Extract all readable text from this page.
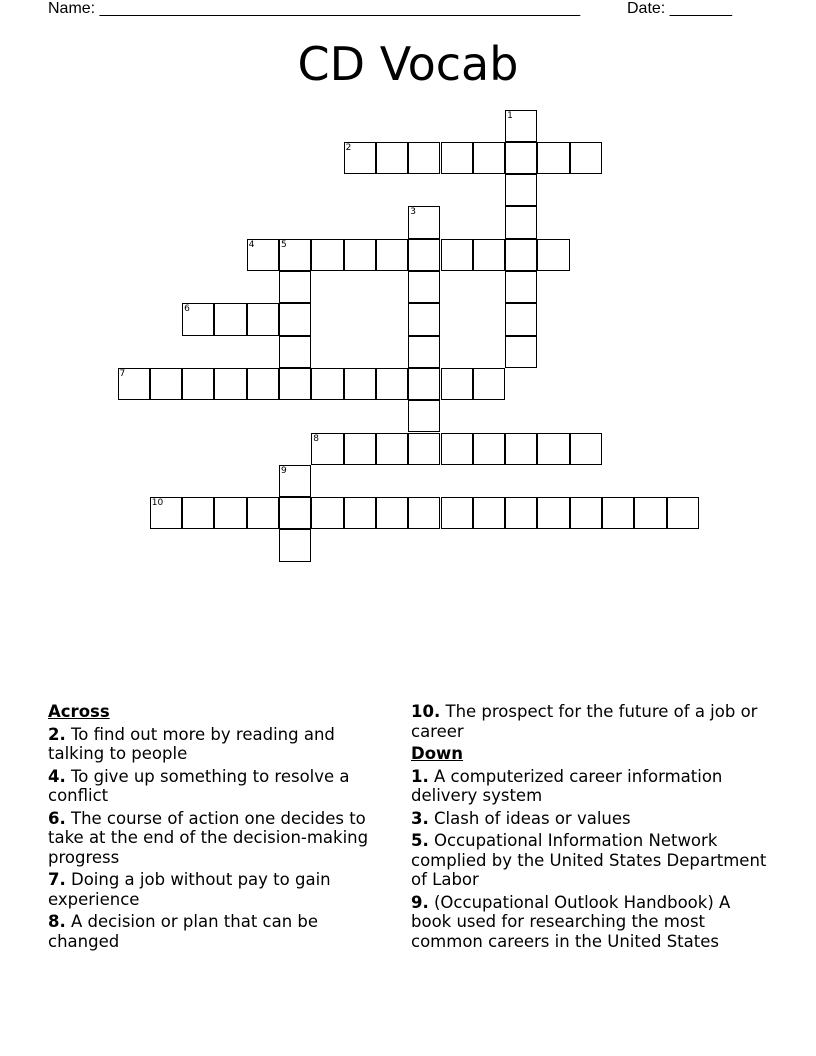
Name: ______________________________________________________	Date: _______
CD Vocab
2
4	5
6
7
8
10
1
3
9
Across
2. To find out more by reading and talking to people
4. To give up something to resolve a conflict
6. The course of action one decides to take at the end of the decision-making progress
7. Doing a job without pay to gain experience
8. A decision or plan that can be changed
10. The prospect for the future of a job or career
Down
1. A computerized career information delivery system
3. Clash of ideas or values
5. Occupational Information Network complied by the United States Department of Labor
9. (Occupational Outlook Handbook) A book used for researching the most common careers in the United States
